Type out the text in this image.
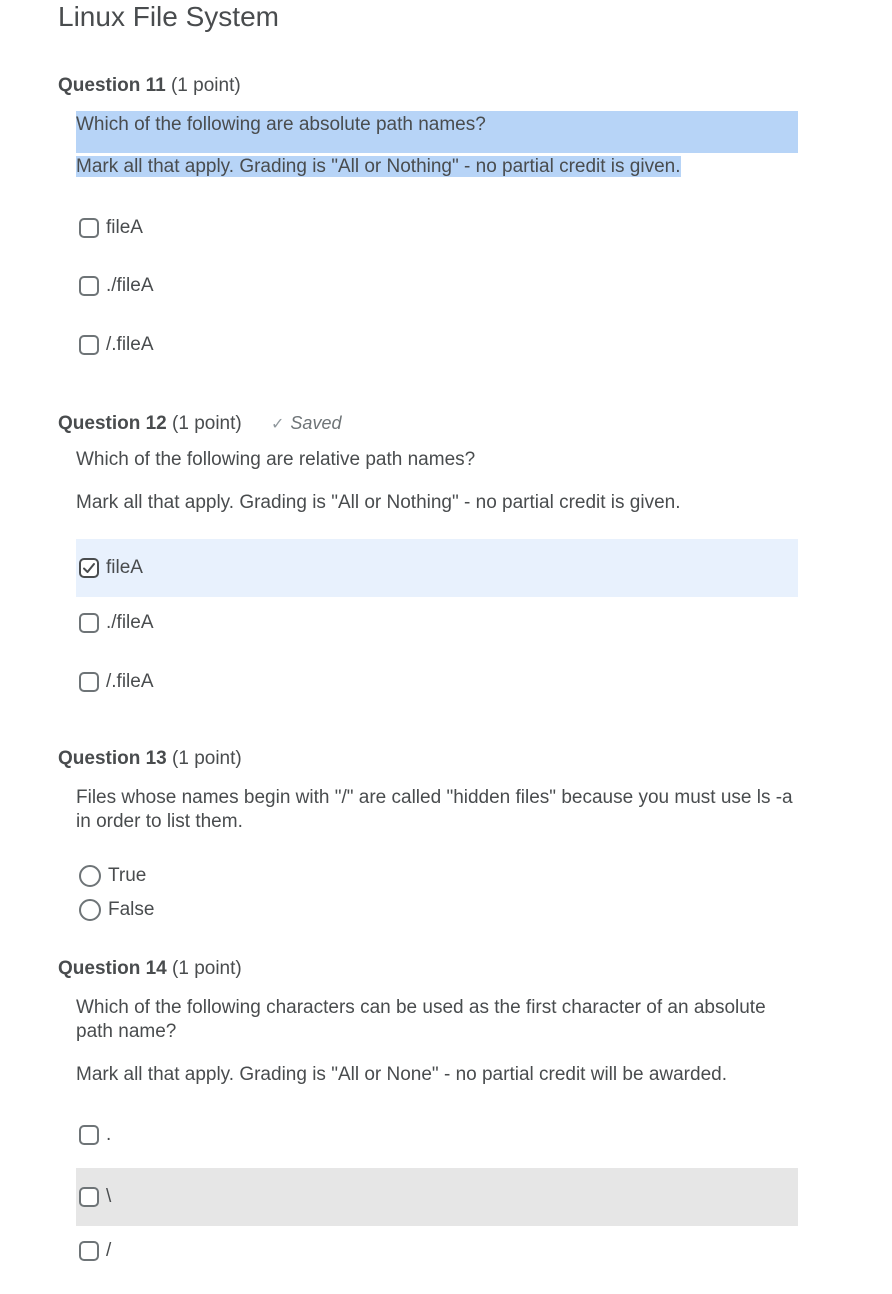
Linux File System
Question 11 (1 point)
Which of the following are absolute path names?
Mark all that apply. Grading is "All or Nothing" - no partial credit is given.
fileA
./fileA
/.fileA
Question 12 (1 point) ✓ Saved
Which of the following are relative path names?
Mark all that apply. Grading is "All or Nothing" - no partial credit is given.
fileA
./fileA
/.fileA
Question 13 (1 point)
Files whose names begin with "/" are called "hidden files" because you must use ls -a in order to list them.
True
False
Question 14 (1 point)
Which of the following characters can be used as the first character of an absolute path name?
Mark all that apply. Grading is "All or None" - no partial credit will be awarded.
.
\
/
